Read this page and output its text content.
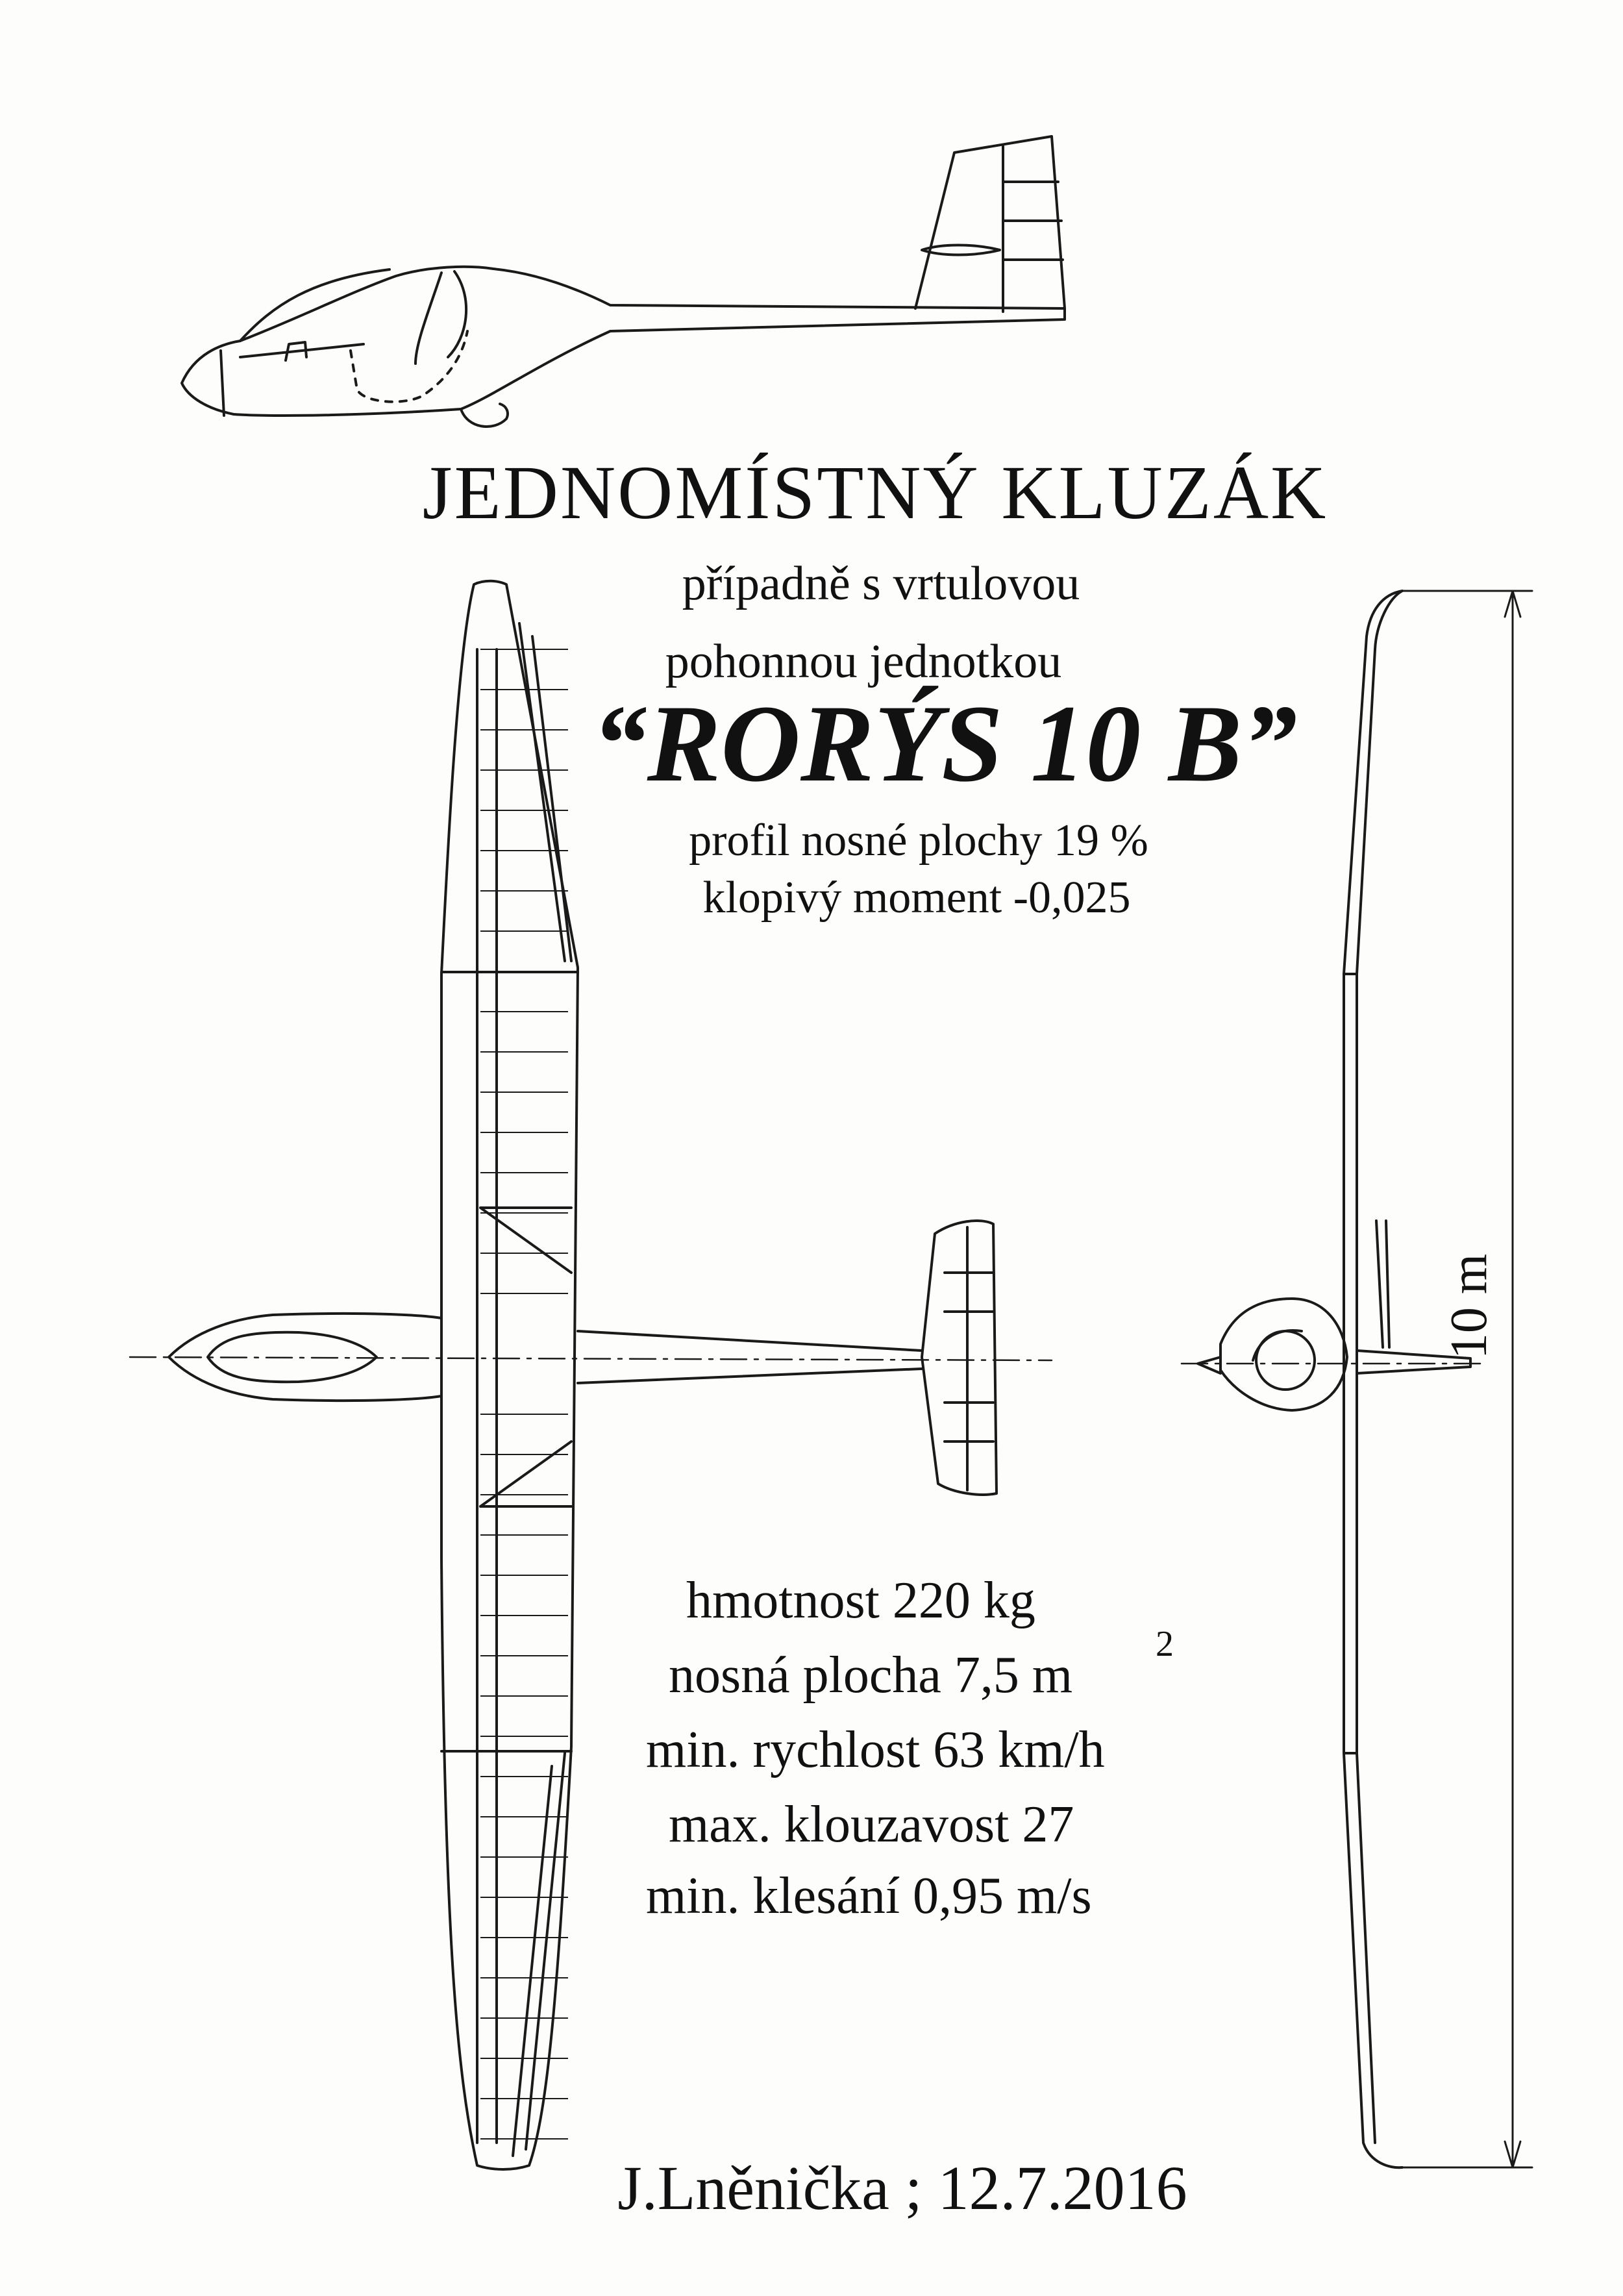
JEDNOMÍSTNÝ KLUZÁK
případně s vrtulovou
pohonnou jednotkou
“RORÝS 10 B”
profil nosné plochy 19 %
klopivý moment -0,025
hmotnost 220 kg
nosná plocha 7,5 m
2
min. rychlost 63 km/h
max. klouzavost 27
min. klesání 0,95 m/s
10 m
J.Lněnička ; 12.7.2016
